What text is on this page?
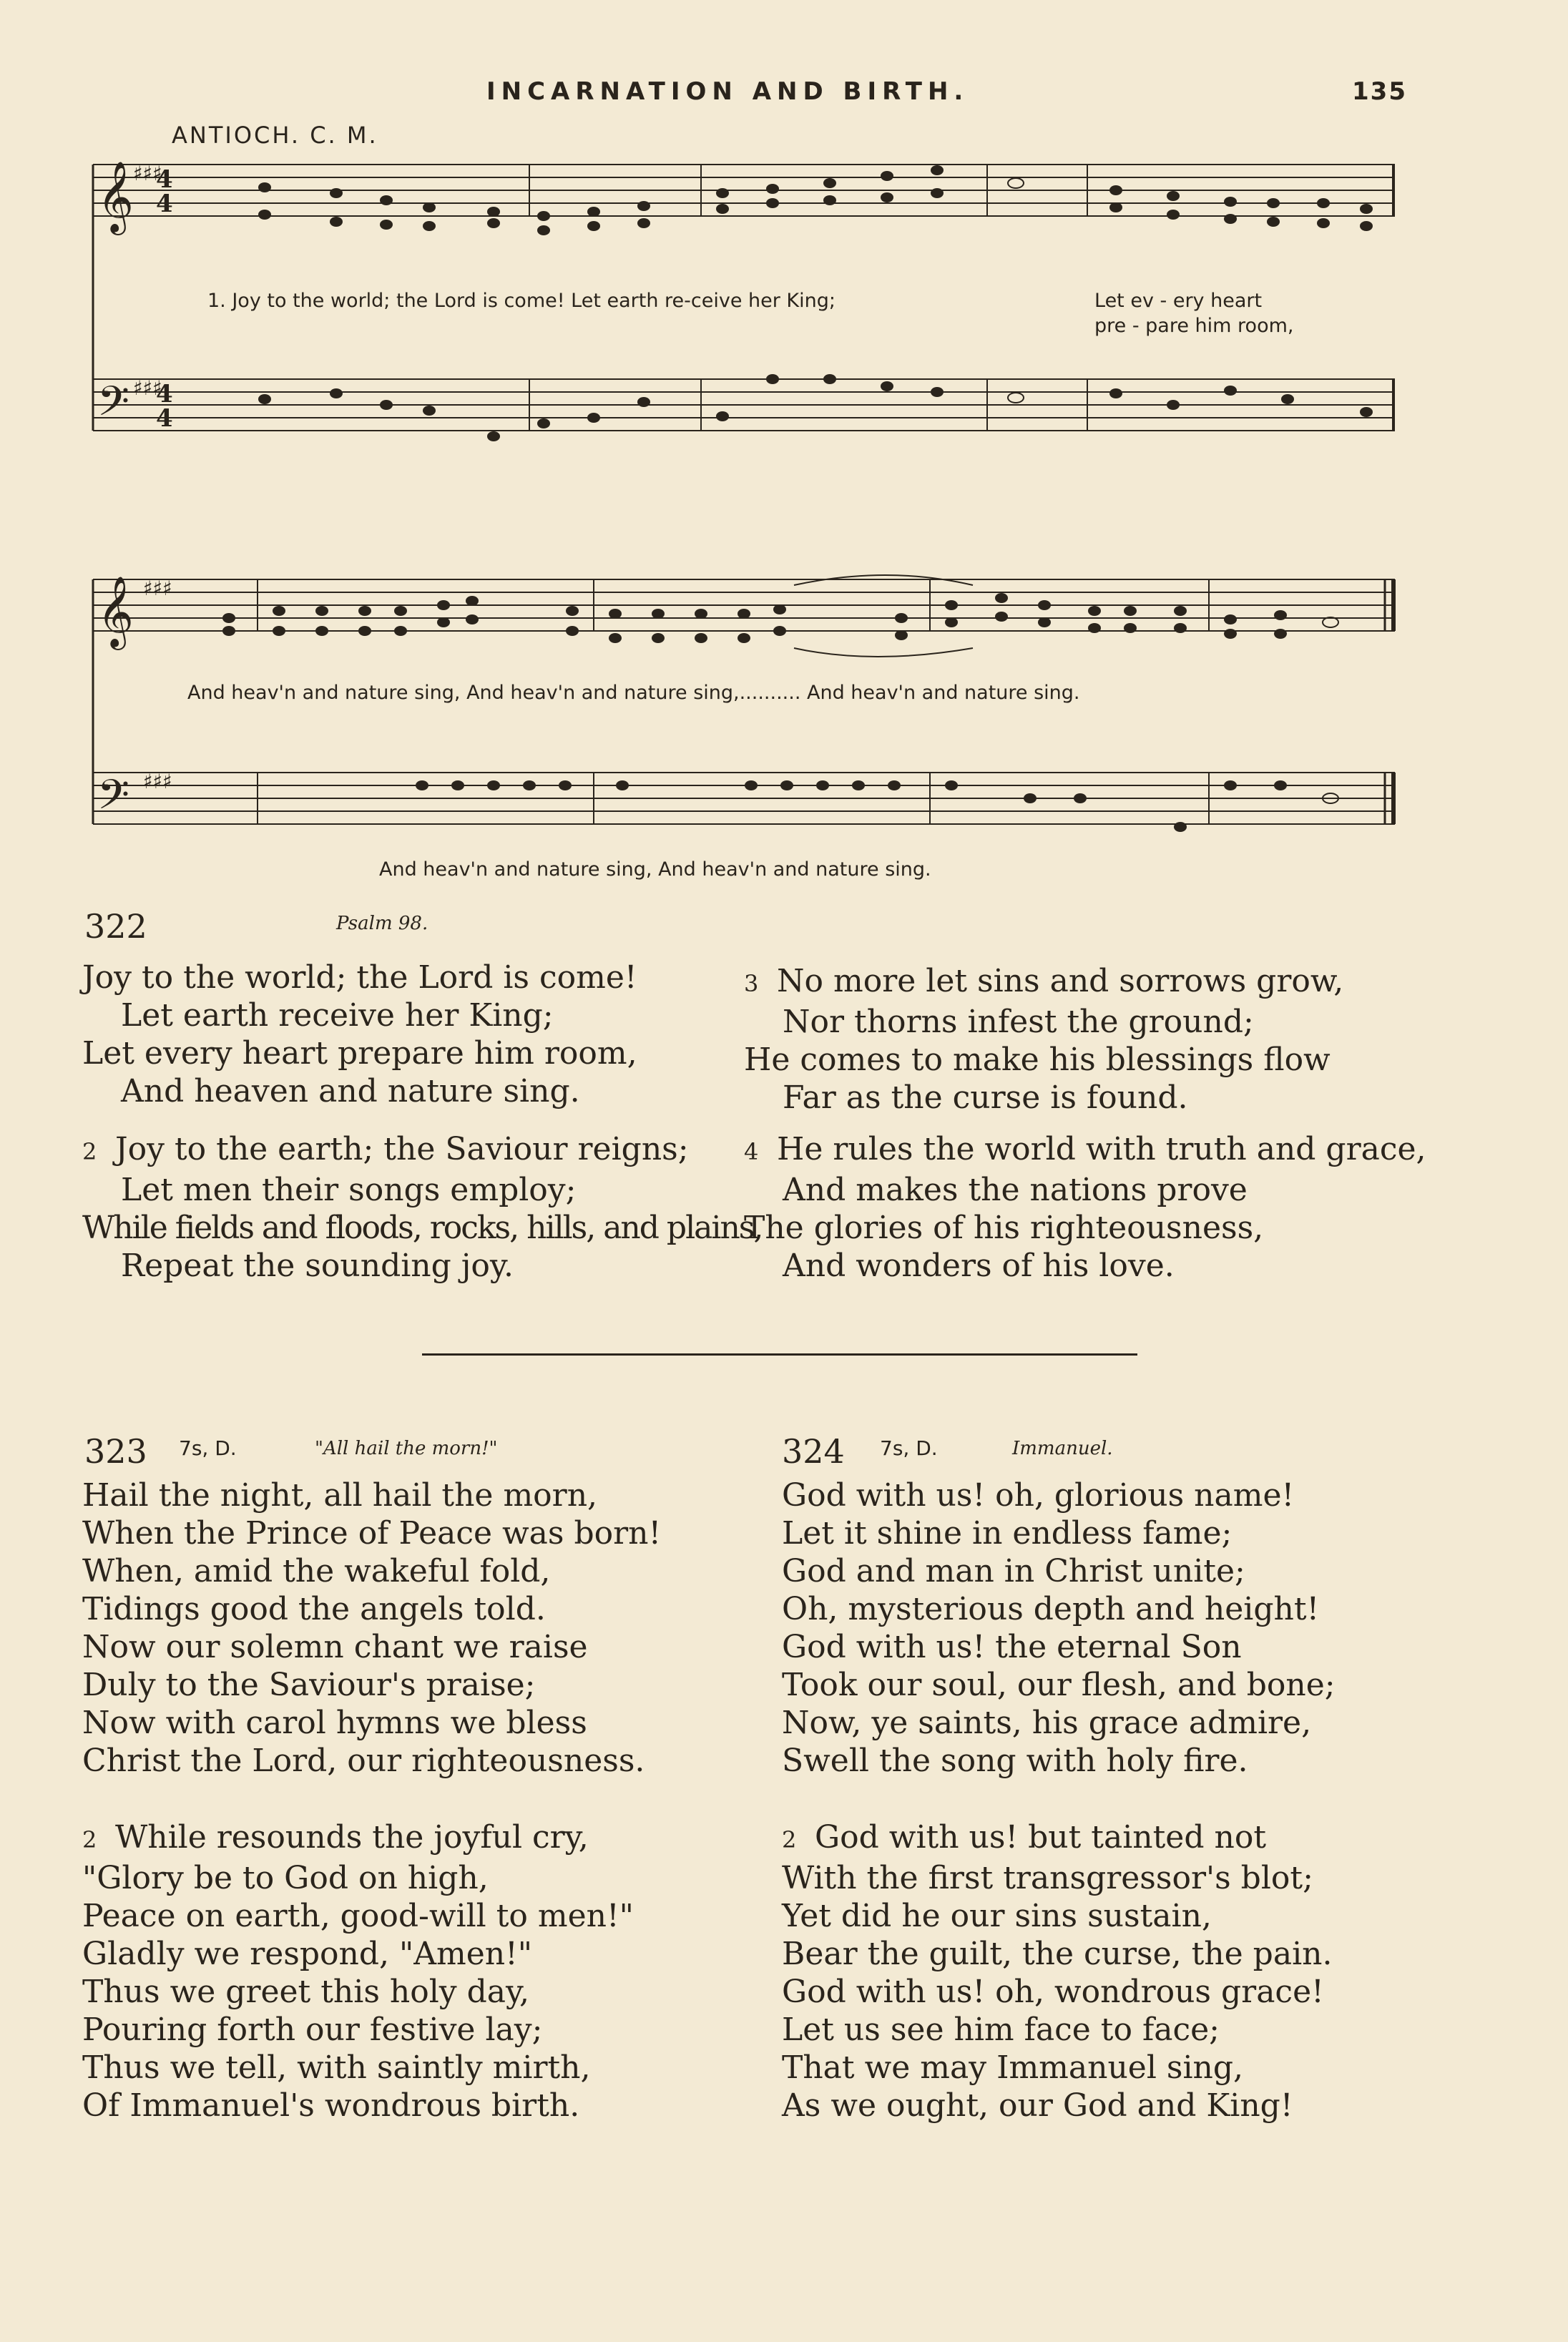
INCARNATION AND BIRTH.	135
ANTIOCH. C. M.
𝄞
𝄢
4
4
4
4
♯♯♯
♯♯♯
1. Joy to the world; the Lord is come! Let earth re-ceive her King;	Let ev - ery heart
pre - pare him room,
𝄞
𝄢
♯♯♯
♯♯♯
And heav'n and nature sing, And heav'n and nature sing,.......... And heav'n and nature sing.
And heav'n and nature sing, And heav'n and nature sing.
322	Psalm 98.
Joy to the world; the Lord is come!
Let earth receive her King;
Let every heart prepare him room,
And heaven and nature sing.
2 Joy to the earth; the Saviour reigns;
Let men their songs employ;
While fields and floods, rocks, hills, and plains,
Repeat the sounding joy.
3 No more let sins and sorrows grow,
Nor thorns infest the ground;
He comes to make his blessings flow
Far as the curse is found.
4 He rules the world with truth and grace,
And makes the nations prove
The glories of his righteousness,
And wonders of his love.
323 7s, D.	"All hail the morn!"
Hail the night, all hail the morn,
When the Prince of Peace was born!
When, amid the wakeful fold,
Tidings good the angels told.
Now our solemn chant we raise
Duly to the Saviour's praise;
Now with carol hymns we bless
Christ the Lord, our righteousness.
2 While resounds the joyful cry,
"Glory be to God on high,
Peace on earth, good-will to men!"
Gladly we respond, "Amen!"
Thus we greet this holy day,
Pouring forth our festive lay;
Thus we tell, with saintly mirth,
Of Immanuel's wondrous birth.
324 7s, D.	Immanuel.
God with us! oh, glorious name!
Let it shine in endless fame;
God and man in Christ unite;
Oh, mysterious depth and height!
God with us! the eternal Son
Took our soul, our flesh, and bone;
Now, ye saints, his grace admire,
Swell the song with holy fire.
2 God with us! but tainted not
With the first transgressor's blot;
Yet did he our sins sustain,
Bear the guilt, the curse, the pain.
God with us! oh, wondrous grace!
Let us see him face to face;
That we may Immanuel sing,
As we ought, our God and King!
